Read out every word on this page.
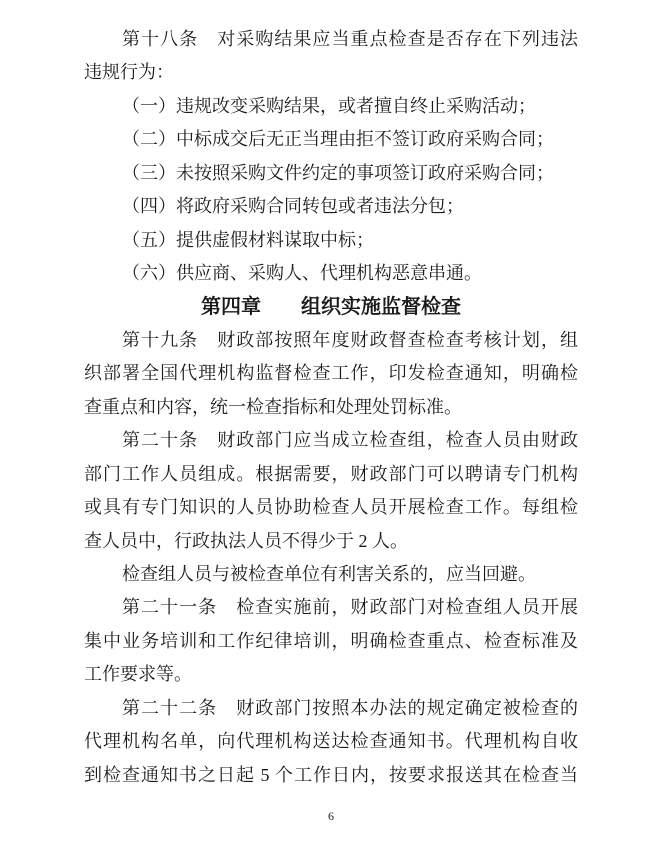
第十八条　对采购结果应当重点检查是否存在下列违法
违规行为：
（一）违规改变采购结果，或者擅自终止采购活动；
（二）中标成交后无正当理由拒不签订政府采购合同；
（三）未按照采购文件约定的事项签订政府采购合同；
（四）将政府采购合同转包或者违法分包；
（五）提供虚假材料谋取中标；
（六）供应商、采购人、代理机构恶意串通。
第四章　　组织实施监督检查
第十九条　财政部按照年度财政督查检查考核计划，组
织部署全国代理机构监督检查工作，印发检查通知，明确检
查重点和内容，统一检查指标和处理处罚标准。
第二十条　财政部门应当成立检查组，检查人员由财政
部门工作人员组成。根据需要，财政部门可以聘请专门机构
或具有专门知识的人员协助检查人员开展检查工作。每组检
查人员中，行政执法人员不得少于 2 人。
检查组人员与被检查单位有利害关系的，应当回避。
第二十一条　检查实施前，财政部门对检查组人员开展
集中业务培训和工作纪律培训，明确检查重点、检查标准及
工作要求等。
第二十二条　财政部门按照本办法的规定确定被检查的
代理机构名单，向代理机构送达检查通知书。代理机构自收
到检查通知书之日起 5 个工作日内，按要求报送其在检查当
6
